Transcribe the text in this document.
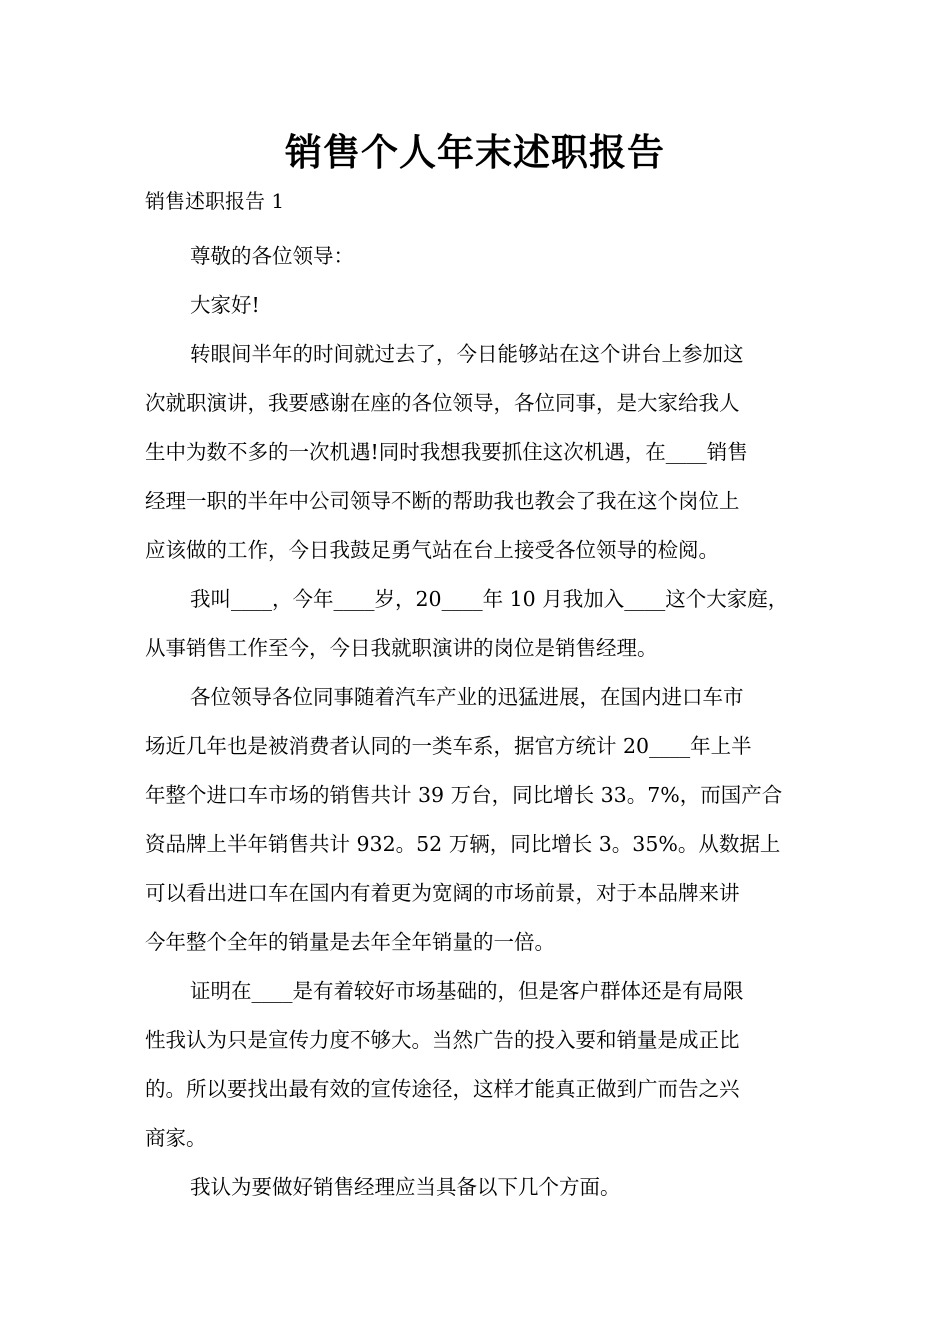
销售个人年末述职报告

销售述职报告 1

尊敬的各位领导：
大家好!
转眼间半年的时间就过去了，今日能够站在这个讲台上参加这
次就职演讲，我要感谢在座的各位领导，各位同事，是大家给我人
生中为数不多的一次机遇!同时我想我要抓住这次机遇，在____销售
经理一职的半年中公司领导不断的帮助我也教会了我在这个岗位上
应该做的工作，今日我鼓足勇气站在台上接受各位领导的检阅。
我叫____，今年____岁，20____年 10 月我加入____这个大家庭，
从事销售工作至今，今日我就职演讲的岗位是销售经理。
各位领导各位同事随着汽车产业的迅猛进展，在国内进口车市
场近几年也是被消费者认同的一类车系，据官方统计 20____年上半
年整个进口车市场的销售共计 39 万台，同比增长 33。7%，而国产合
资品牌上半年销售共计 932。52 万辆，同比增长 3。35%。从数据上
可以看出进口车在国内有着更为宽阔的市场前景，对于本品牌来讲
今年整个全年的销量是去年全年销量的一倍。
证明在____是有着较好市场基础的，但是客户群体还是有局限
性我认为只是宣传力度不够大。当然广告的投入要和销量是成正比
的。所以要找出最有效的宣传途径，这样才能真正做到广而告之兴
商家。
我认为要做好销售经理应当具备以下几个方面。
